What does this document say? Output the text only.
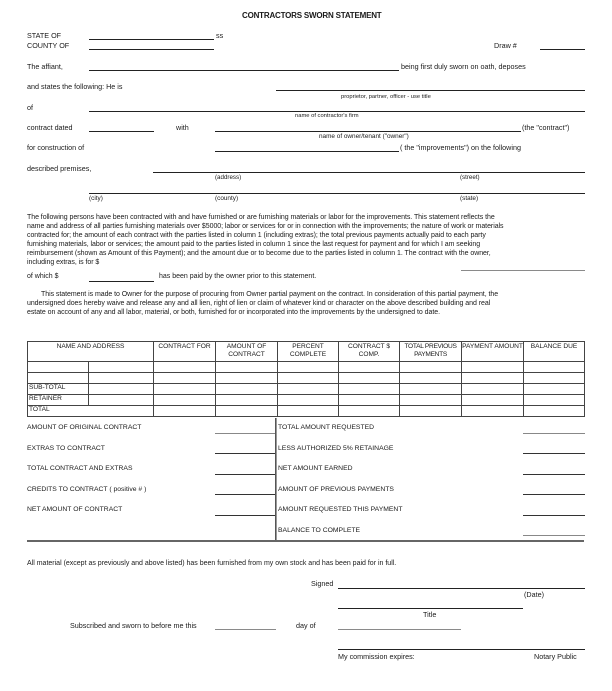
CONTRACTORS SWORN STATEMENT
STATE OF	ss
COUNTY OF	Draw #
The affiant,	being first duly sworn on oath, deposes
and states the following: He is
proprietor, partner, officer - use title
of
name of contractor's firm
contract dated	with	(the "contract")
name of owner/tenant ("owner")
for construction of	( the "improvements") on the following
described premises,
(address)	(street)
(city)	(county)	(state)
The following persons have been contracted with and have furnished or are furnishing materials or labor for the improvements. This statement reflects the name and address of all parties furnishing materials over $5000; labor or services for or in connection with the improvements; the nature of work or materials contracted for; the amount of each contract with the parties listed in column 1 (including extras); the total previous payments actually paid to each party furnishing materials, labor or services; the amount paid to the parties listed in column 1 since the last request for payment and for which I am seeking reimbursement (shown as Amount of this Payment); and the amount due or to become due to the parties listed in column 1. The contract with the owner, including extras, is for $
of which $	has been paid by the owner prior to this statement.
This statement is made to Owner for the purpose of procuring from Owner partial payment on the contract. In consideration of this partial payment, the undersigned does hereby waive and release any and all lien, right of lien or claim of whatever kind or character on the above described building and real estate on account of any and all labor, material, or both, furnished for or incorporated into the improvements by the undersigned to date.
NAME AND ADDRESS		CONTRACT FOR	AMOUNT OF CONTRACT	PERCENT COMPLETE	CONTRACT $ COMP.	TOTAL PREVIOUS PAYMENTS	PAYMENT AMOUNT	BALANCE DUE

SUB-TOTAL								
RETAINER								
TOTAL								
AMOUNT OF ORIGINAL CONTRACT
EXTRAS TO CONTRACT
TOTAL CONTRACT AND EXTRAS
CREDITS TO CONTRACT ( positive # )
NET AMOUNT OF CONTRACT
TOTAL AMOUNT REQUESTED
LESS AUTHORIZED 5% RETAINAGE
NET AMOUNT EARNED
AMOUNT OF PREVIOUS PAYMENTS
AMOUNT REQUESTED THIS PAYMENT
BALANCE TO COMPLETE
All material (except as previously and above listed) has been furnished from my own stock and has been paid for in full.
Signed
(Date)
Title
Subscribed and sworn to before me this	day of
My commission expires:	Notary Public
